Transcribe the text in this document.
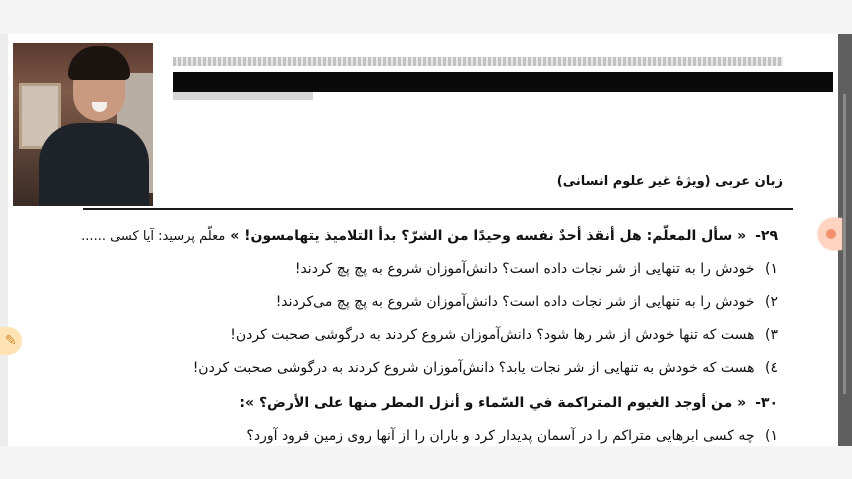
زبان عربی (ویژهٔ غیر علوم انسانی)
۲۹- « سأل المعلّم: هل أنقذ أحدٌ نفسه وحيدًا من الشرّ؟ بدأ التلاميذ يتهامسون! » معلّم پرسید: آیا کسی ......
۱) خودش را به تنهایی از شر نجات داده است؟ دانش‌آموزان شروع به پچ پچ کردند!
۲) خودش را به تنهایی از شر نجات داده است؟ دانش‌آموزان شروع به پچ پچ می‌کردند!
۳) هست که تنها خودش از شر رها شود؟ دانش‌آموزان شروع کردند به درگوشی صحبت کردن!
٤) هست که خودش به تنهایی از شر نجات یابد؟ دانش‌آموزان شروع کردند به درگوشی صحبت کردن!
۳۰- « من أوجد الغيوم المتراكمة في السّماء و أنزل المطر منها على الأرض؟ »:
۱) چه کسی ابرهایی متراکم را در آسمان پدیدار کرد و باران را از آنها روی زمین فرود آورد؟
✎
